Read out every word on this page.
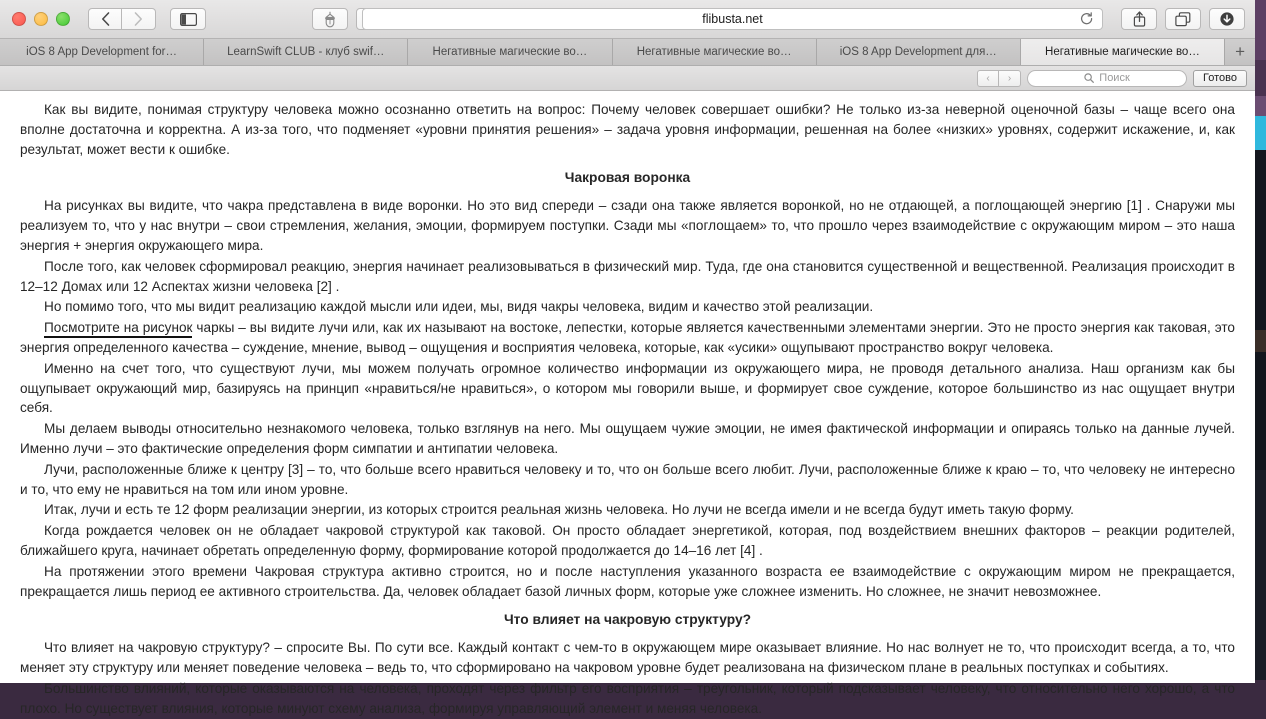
flibusta.net
iOS 8 App Development for…	LearnSwift CLUB - клуб swif…	Негативные магические во…	Негативные магические во…	iOS 8 App Development для…	Негативные магические во… +
‹ ›	Поиск	Готово

Как вы видите, понимая структуру человека можно осознанно ответить на вопрос: Почему человек совершает ошибки? Не только из-за неверной оценочной базы – чаще всего она вполне достаточна и корректна. А из-за того, что подменяет «уровни принятия решения» – задача уровня информации, решенная на более «низких» уровнях, содержит искажение, и, как результат, может вести к ошибке.

Чакровая воронка

На рисунках вы видите, что чакра представлена в виде воронки. Но это вид спереди – сзади она также является воронкой, но не отдающей, а поглощающей энергию [1] . Снаружи мы реализуем то, что у нас внутри – свои стремления, желания, эмоции, формируем поступки. Сзади мы «поглощаем» то, что прошло через взаимодействие с окружающим миром – это наша энергия + энергия окружающего мира.

После того, как человек сформировал реакцию, энергия начинает реализовываться в физический мир. Туда, где она становится существенной и вещественной. Реализация происходит в 12–12 Домах или 12 Аспектах жизни человека [2] .

Но помимо того, что мы видит реализацию каждой мысли или идеи, мы, видя чакры человека, видим и качество этой реализации.

Посмотрите на рисунок чаркы – вы видите лучи или, как их называют на востоке, лепестки, которые является качественными элементами энергии. Это не просто энергия как таковая, это энергия определенного качества – суждение, мнение, вывод – ощущения и восприятия человека, которые, как «усики» ощупывают пространство вокруг человека.

Именно на счет того, что существуют лучи, мы можем получать огромное количество информации из окружающего мира, не проводя детального анализа. Наш организм как бы ощупывает окружающий мир, базируясь на принцип «нравиться/не нравиться», о котором мы говорили выше, и формирует свое суждение, которое большинство из нас ощущает внутри себя.

Мы делаем выводы относительно незнакомого человека, только взглянув на него. Мы ощущаем чужие эмоции, не имея фактической информации и опираясь только на данные лучей. Именно лучи – это фактические определения форм симпатии и антипатии человека.

Лучи, расположенные ближе к центру [3] – то, что больше всего нравиться человеку и то, что он больше всего любит. Лучи, расположенные ближе к краю – то, что человеку не интересно и то, что ему не нравиться на том или ином уровне.

Итак, лучи и есть те 12 форм реализации энергии, из которых строится реальная жизнь человека. Но лучи не всегда имели и не всегда будут иметь такую форму.

Когда рождается человек он не обладает чакровой структурой как таковой. Он просто обладает энергетикой, которая, под воздействием внешних факторов – реакции родителей, ближайшего круга, начинает обретать определенную форму, формирование которой продолжается до 14–16 лет [4] .

На протяжении этого времени Чакровая структура активно строится, но и после наступления указанного возраста ее взаимодействие с окружающим миром не прекращается, прекращается лишь период ее активного строительства. Да, человек обладает базой личных форм, которые уже сложнее изменить. Но сложнее, не значит невозможнее.

Что влияет на чакровую структуру?

Что влияет на чакровую структуру? – спросите Вы. По сути все. Каждый контакт с чем-то в окружающем мире оказывает влияние. Но нас волнует не то, что происходит всегда, а то, что меняет эту структуру или меняет поведение человека – ведь то, что сформировано на чакровом уровне будет реализована на физическом плане в реальных поступках и событиях.

Большинство влияний, которые оказываются на человека, проходят через фильтр его восприятия – треугольник, который подсказывает человеку, что относительно него хорошо, а что плохо. Но существует влияния, которые минуют схему анализа, формируя управляющий элемент и меняя человека.
